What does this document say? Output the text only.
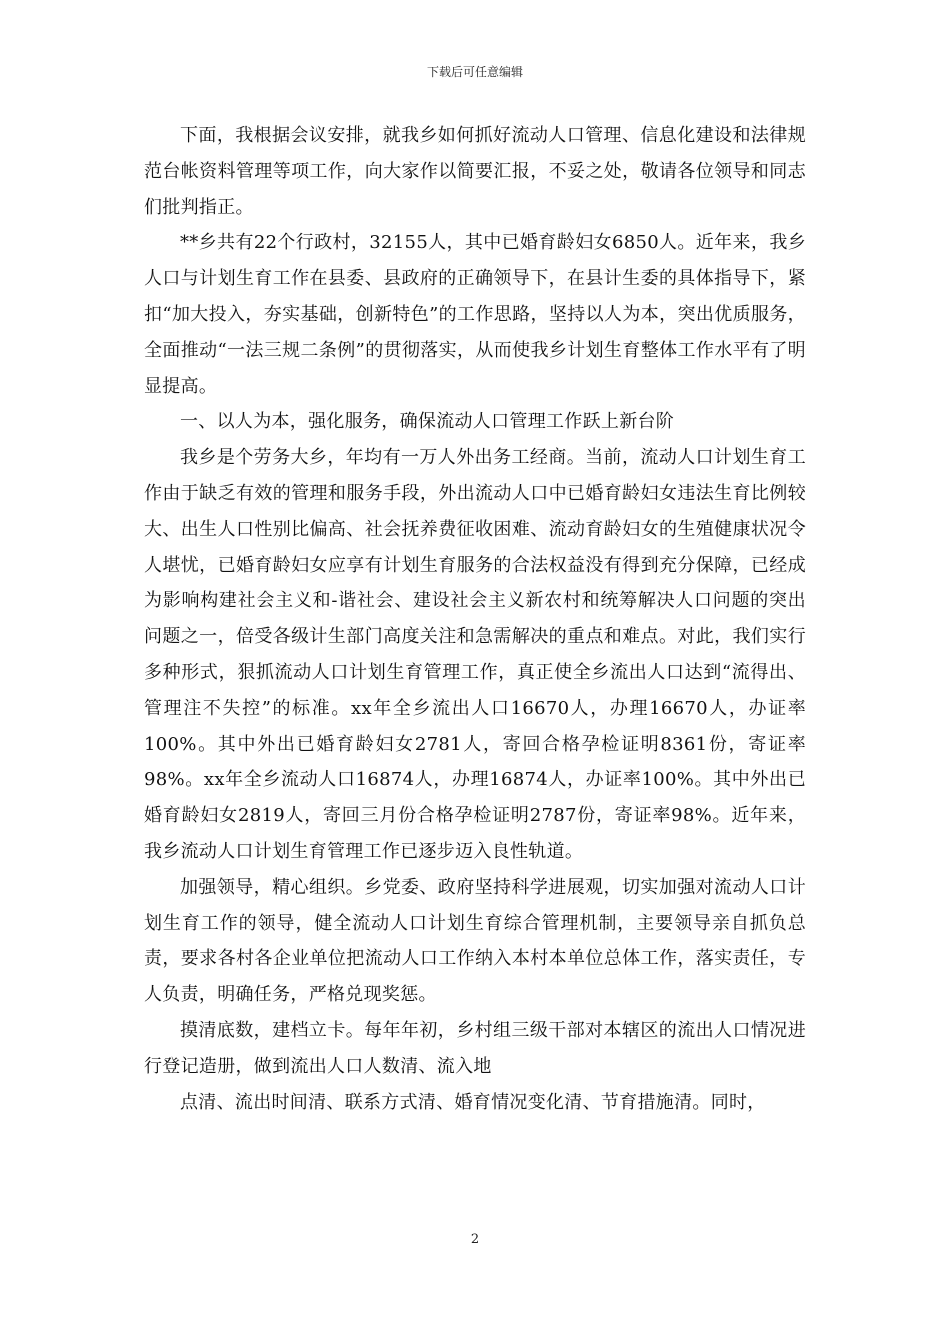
下载后可任意编辑

下面，我根据会议安排，就我乡如何抓好流动人口管理、信息化建设和法律规范台帐资料管理等项工作，向大家作以简要汇报，不妥之处，敬请各位领导和同志们批判指正。

**乡共有22个行政村，32155人，其中已婚育龄妇女6850人。近年来，我乡人口与计划生育工作在县委、县政府的正确领导下，在县计生委的具体指导下，紧扣“加大投入，夯实基础，创新特色”的工作思路，坚持以人为本，突出优质服务，全面推动“一法三规二条例”的贯彻落实，从而使我乡计划生育整体工作水平有了明显提高。

一、以人为本，强化服务，确保流动人口管理工作跃上新台阶

我乡是个劳务大乡，年均有一万人外出务工经商。当前，流动人口计划生育工作由于缺乏有效的管理和服务手段，外出流动人口中已婚育龄妇女违法生育比例较大、出生人口性别比偏高、社会抚养费征收困难、流动育龄妇女的生殖健康状况令人堪忧，已婚育龄妇女应享有计划生育服务的合法权益没有得到充分保障，已经成为影响构建社会主义和-谐社会、建设社会主义新农村和统筹解决人口问题的突出问题之一，倍受各级计生部门高度关注和急需解决的重点和难点。对此，我们实行多种形式，狠抓流动人口计划生育管理工作，真正使全乡流出人口达到“流得出、管理注不失控”的标准。xx年全乡流出人口16670人，办理16670人，办证率100%。其中外出已婚育龄妇女2781人，寄回合格孕检证明8361份，寄证率98%。xx年全乡流动人口16874人，办理16874人，办证率100%。其中外出已婚育龄妇女2819人，寄回三月份合格孕检证明2787份，寄证率98%。近年来，我乡流动人口计划生育管理工作已逐步迈入良性轨道。

加强领导，精心组织。乡党委、政府坚持科学进展观，切实加强对流动人口计划生育工作的领导，健全流动人口计划生育综合管理机制，主要领导亲自抓负总责，要求各村各企业单位把流动人口工作纳入本村本单位总体工作，落实责任，专人负责，明确任务，严格兑现奖惩。

摸清底数，建档立卡。每年年初，乡村组三级干部对本辖区的流出人口情况进行登记造册，做到流出人口人数清、流入地

点清、流出时间清、联系方式清、婚育情况变化清、节育措施清。同时，

2
